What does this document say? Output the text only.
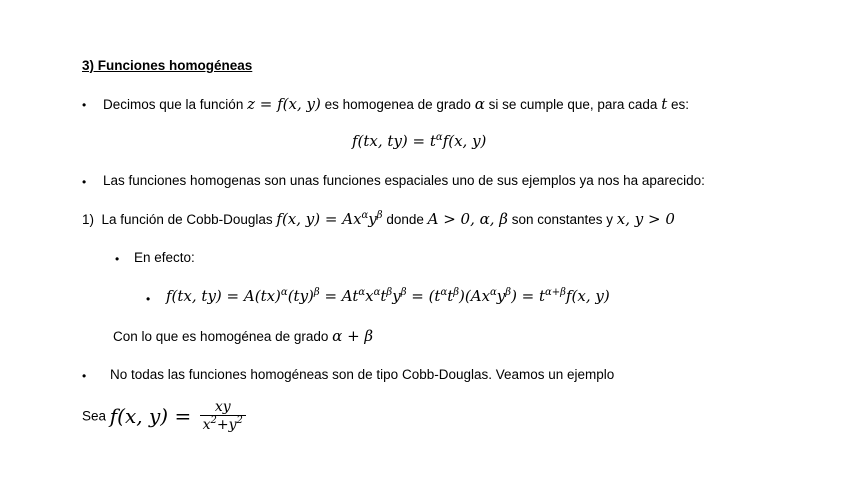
3) Funciones homogéneas
• Decimos que la función z = f(x, y) es homogenea de grado α si se cumple que, para cada t es:
f(tx, $ty) = t^\alpha f(x$, y)
• Las funciones homogenas son unas funciones espaciales uno de sus ejemplos ya nos ha aparecido:
1) La función de Cobb-Douglas f(x, $y) = Ax^\alpha y^\beta$ donde A > 0, α, β son constantes y x, y > 0
• En efecto:
• f(tx, $ty) = A(tx)^\alpha(ty)^\beta = At^\alpha x^\alpha t^\beta y^\beta = (t^\alpha t^\beta)(Ax^\alpha y^\beta) = t^{\alpha+\beta}f(x$, y)
Con lo que es homogénea de grado α + β
• No todas las funciones homogéneas son de tipo Cobb-Douglas. Veamos un ejemplo
Sea f(x, $y) = \frac{xy}{x^2+y^2}$
